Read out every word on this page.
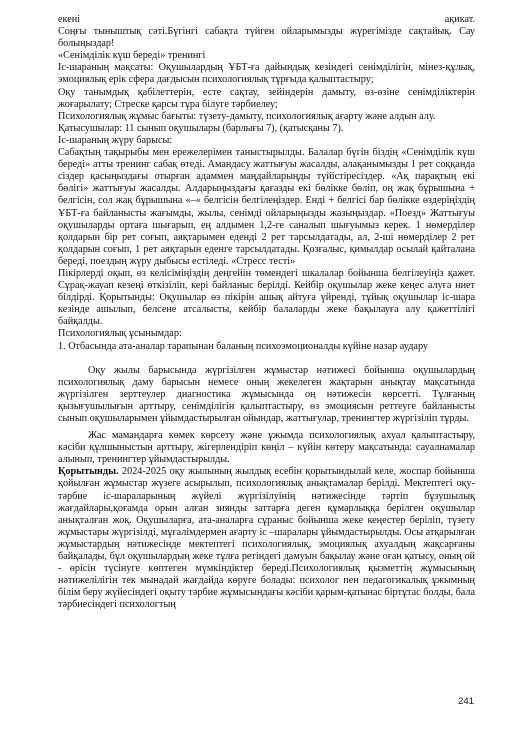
екені	ақикат.

Соңғы тыныштық сәті.Бүгінгі сабақта түйген ойларымызды жүрегімізде сақтайық. Сау болыңыздар!

«Сенімділік күш береді» тренингі

Іс-шараның мақсаты: Оқушылардың ҰБТ-ға дайындық кезіндегі сенімділігін, мінез-құлық, эмоциялық ерік сфера дағдысын психологиялық тұрғыда қалыптастыру;

Оқу танымдық қабілеттерін, есте сақтау, зейіндерін дамыту, өз-өзіне сенімділіктерін жоғарылату; Стреске қарсы тұра білуге тәрбиелеу;

Психологиялық жұмыс бағыты: түзету-дамыту, психологиялық ағарту және алдын алу.

Қатысушылар: 11 сынып оқушылары (барлығы 7), (қатысқаны 7).

Іс-шараның жүру барысы:

Сабақтың тақырыбы мен ережелерімен таныстырылды. Балалар бүгін біздің «Сенімділік күш береді» атты тренинг сабақ өтеді. Амандасу жаттығуы жасалды, алақанымызды 1 рет соққанда сіздер қасыңыздағы отырған адаммен маңдайларыңды түйістіресіздер. «Ақ парақтың екі бөлігі» жаттығуы жасалды. Алдарыңыздағы қағазды екі бөлікке бөліп, оң жақ бұрышына + белгісін, сол жақ бұрышына «–« белгісін белгілеңіздер. Енді + белгісі бар бөлікке өздеріңіздің ҰБТ-ға байланысты жағымды, жылы, сенімді ойларыңызды жазыңыздар. «Поезд» Жаттығуы оқушыларды ортаға шығарып, ең алдымен 1,2-ге саналып шығуымыз керек. 1 нөмерділер қолдарын бір рет соғып, аяқтарымен еденді 2 рет тарсылдатады, ал, 2-ші нөмерділер 2 рет қолдарын соғып, 1 рет аяқтарын еденге тарсылдатады. Қозғалыс, қимылдар осылай қайталана береді, поездың жүру дыбысы естіледі. «Стресс тесті»

Пікірлерді оқып, өз келісіміңіздің деңгейін төмендегі шкалалар бойынша белгілеуіңіз қажет. Сұрақ-жауап кезеңі өткізіліп, кері байланыс берілді. Кейбір оқушылар жеке кеңес алуға ниет білдірді. Қорытынды: Оқушылар өз пікірін ашық айтуға үйренді, тұйық оқушылар іс-шара кезінде ашылып, белсене атсалысты, кейбір балаларды жеке бақылауға алу қажеттілігі байқалды.

Психологиялық ұсынымдар:

1. Отбасында ата-аналар тарапынан баланың психоэмоционалды күйіне назар аудару

Оқу жылы барысында жүргізілген жұмыстар нәтижесі бойынша оқушылардың психологиялық даму барысын немесе оның жекелеген жақтарын анықтау мақсатында жүргізілген зерттеулер диагностика жұмысында оң нәтижесін көрсетті. Тұлғаның қызығушылығын арттыру, сенімділігін қалыптастыру, өз эмоциясын реттеуге байланысты сынып оқушыларымен ұйымдастырылған ойындар, жаттығулар, тренингтер жүргізіліп тұрды.

Жас мамандарға көмек көрсету және ұжымда психологиялық ахуал қалыптастыру, кәсіби құлшыныстын арттыру, жігерлендіріп көңіл – күйін көтеру мақсатында: сауалнамалар алынып, тренингтер ұйымдастырылды.

Қорытынды. 2024-2025 оқу жылының жылдық есебін қорытындылай келе, жоспар бойынша қойылған жұмыстар жүзеге асырылып, психологиялық анықтамалар берілді. Мектептегі оқу-тәрбие іс-шараларының жүйелі жүргізілуінің нәтижесінде тәртіп бұзушылық жағдайлары,қоғамда орын алған зиянды заттарға деген құмарлыққа берілген оқушылар анықталған жоқ. Оқушыларға, ата-аналарға сұраныс бойынша жеке кеңестер беріліп, түзету жұмыстары жүргізілді, мұғалімдермен ағарту іс –шаралары ұйымдастырылды. Осы атқарылған жұмыстардың нәтижесінде мектептегі психологиялық, эмоциялық ахуалдың жақсарғаны байқалады, бұл оқушылардың жеке тұлға ретіндегі дамуын бақылау және оған қатысу, оның ой - өрісін түсінуге көптеген мүмкіндіктер береді.Психологиялық қызметтің жұмысының нәтижелілігін тек мынадай жағдайда көруге болады: психолог пен педагогикалық ұжымның білім беру жүйесіндегі оқыту тәрбие жұмысындағы кәсіби қарым-қатынас біртұтас болды, бала тәрбиесіндегі психологтың

241
